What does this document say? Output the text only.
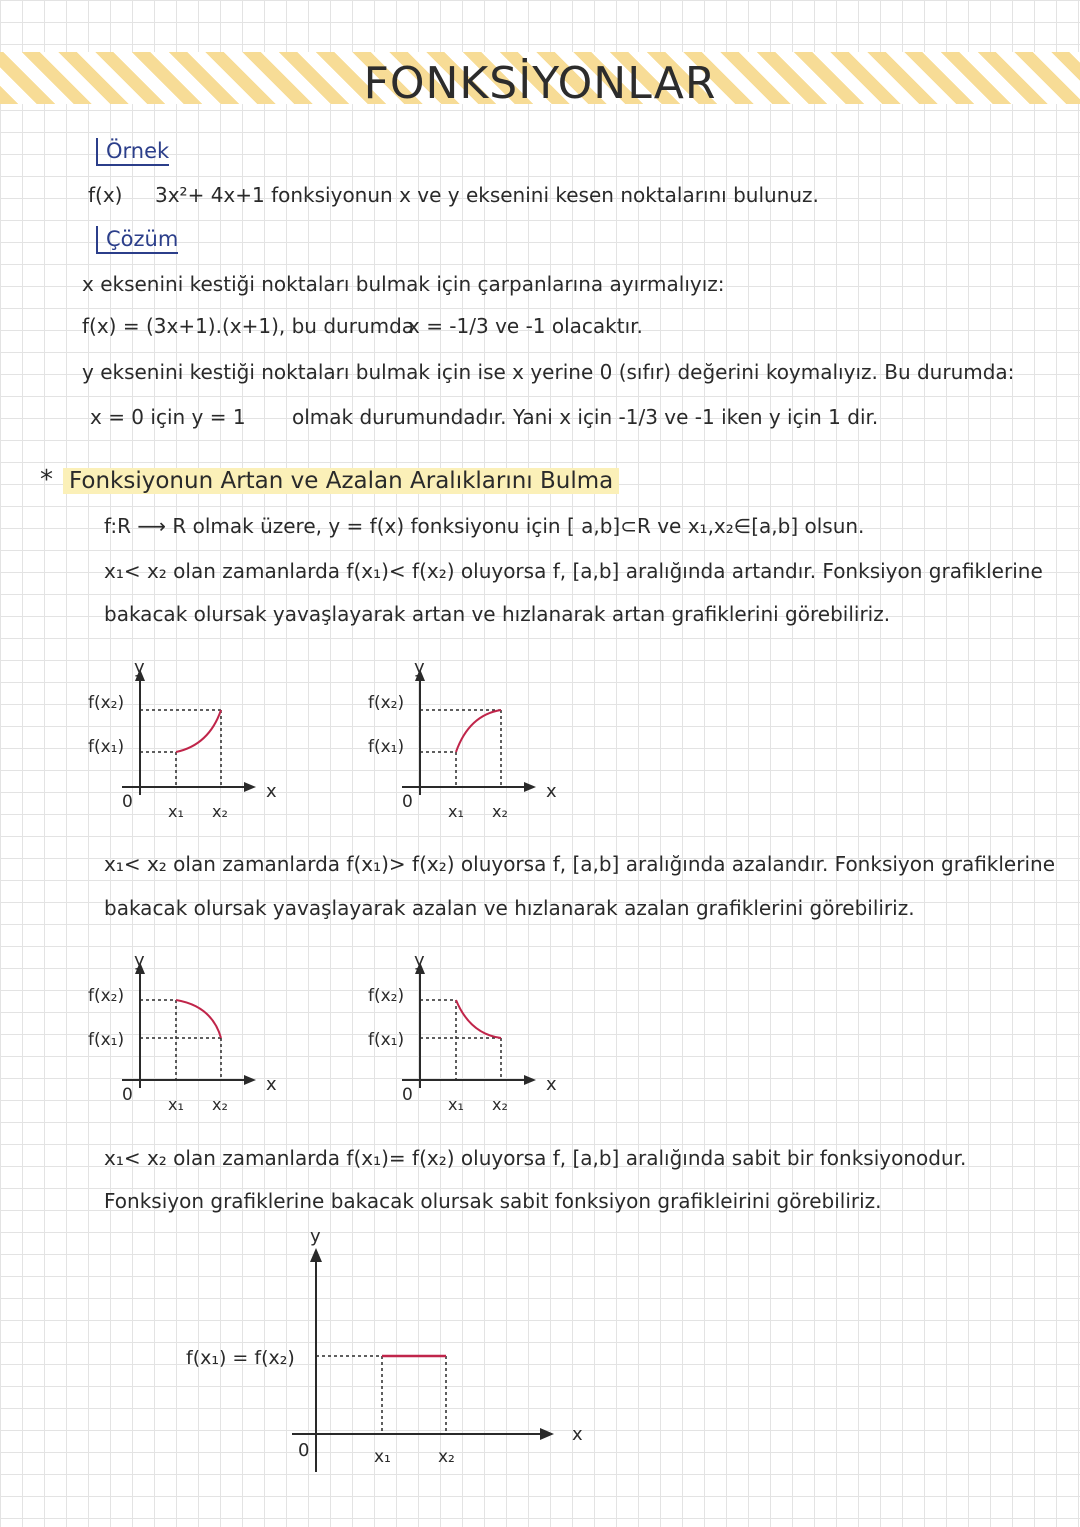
FONKSİYONLAR
Örnek
f(x) 3x²+ 4x+1 fonksiyonun x ve y eksenini kesen noktalarını bulunuz.
Çözüm
x eksenini kestiği noktaları bulmak için çarpanlarına ayırmalıyız:
f(x) = (3x+1).(x+1), bu durumda
x = -1/3 ve -1 olacaktır.
y eksenini kestiği noktaları bulmak için ise x yerine 0 (sıfır) değerini koymalıyız. Bu durumda:
x = 0 için y = 1 olmak durumundadır. Yani x için -1/3 ve -1 iken y için 1 dir.
* Fonksiyonun Artan ve Azalan Aralıklarını Bulma
f:R ⟶ R olmak üzere, y = f(x) fonksiyonu için [ a,b]⊂R ve x₁,x₂∈[a,b] olsun.
x₁< x₂ olan zamanlarda f(x₁)< f(x₂) oluyorsa f, [a,b] aralığında artandır. Fonksiyon grafiklerine
bakacak olursak yavaşlayarak artan ve hızlanarak artan grafiklerini görebiliriz.
y
x
0 x₁ x₂
f(x₂)
f(x₁)
y
x
0 x₁ x₂
f(x₂)
f(x₁)
x₁< x₂ olan zamanlarda f(x₁)> f(x₂) oluyorsa f, [a,b] aralığında azalandır. Fonksiyon grafiklerine
bakacak olursak yavaşlayarak azalan ve hızlanarak azalan grafiklerini görebiliriz.
y
x
0 x₁ x₂
f(x₂)
f(x₁)
y
x
0 x₁ x₂
f(x₂)
f(x₁)
x₁< x₂ olan zamanlarda f(x₁)= f(x₂) oluyorsa f, [a,b] aralığında sabit bir fonksiyonodur.
Fonksiyon grafiklerine bakacak olursak sabit fonksiyon grafikleirini görebiliriz.
y
x
0	x₁	x₂
f(x₁) = f(x₂)
